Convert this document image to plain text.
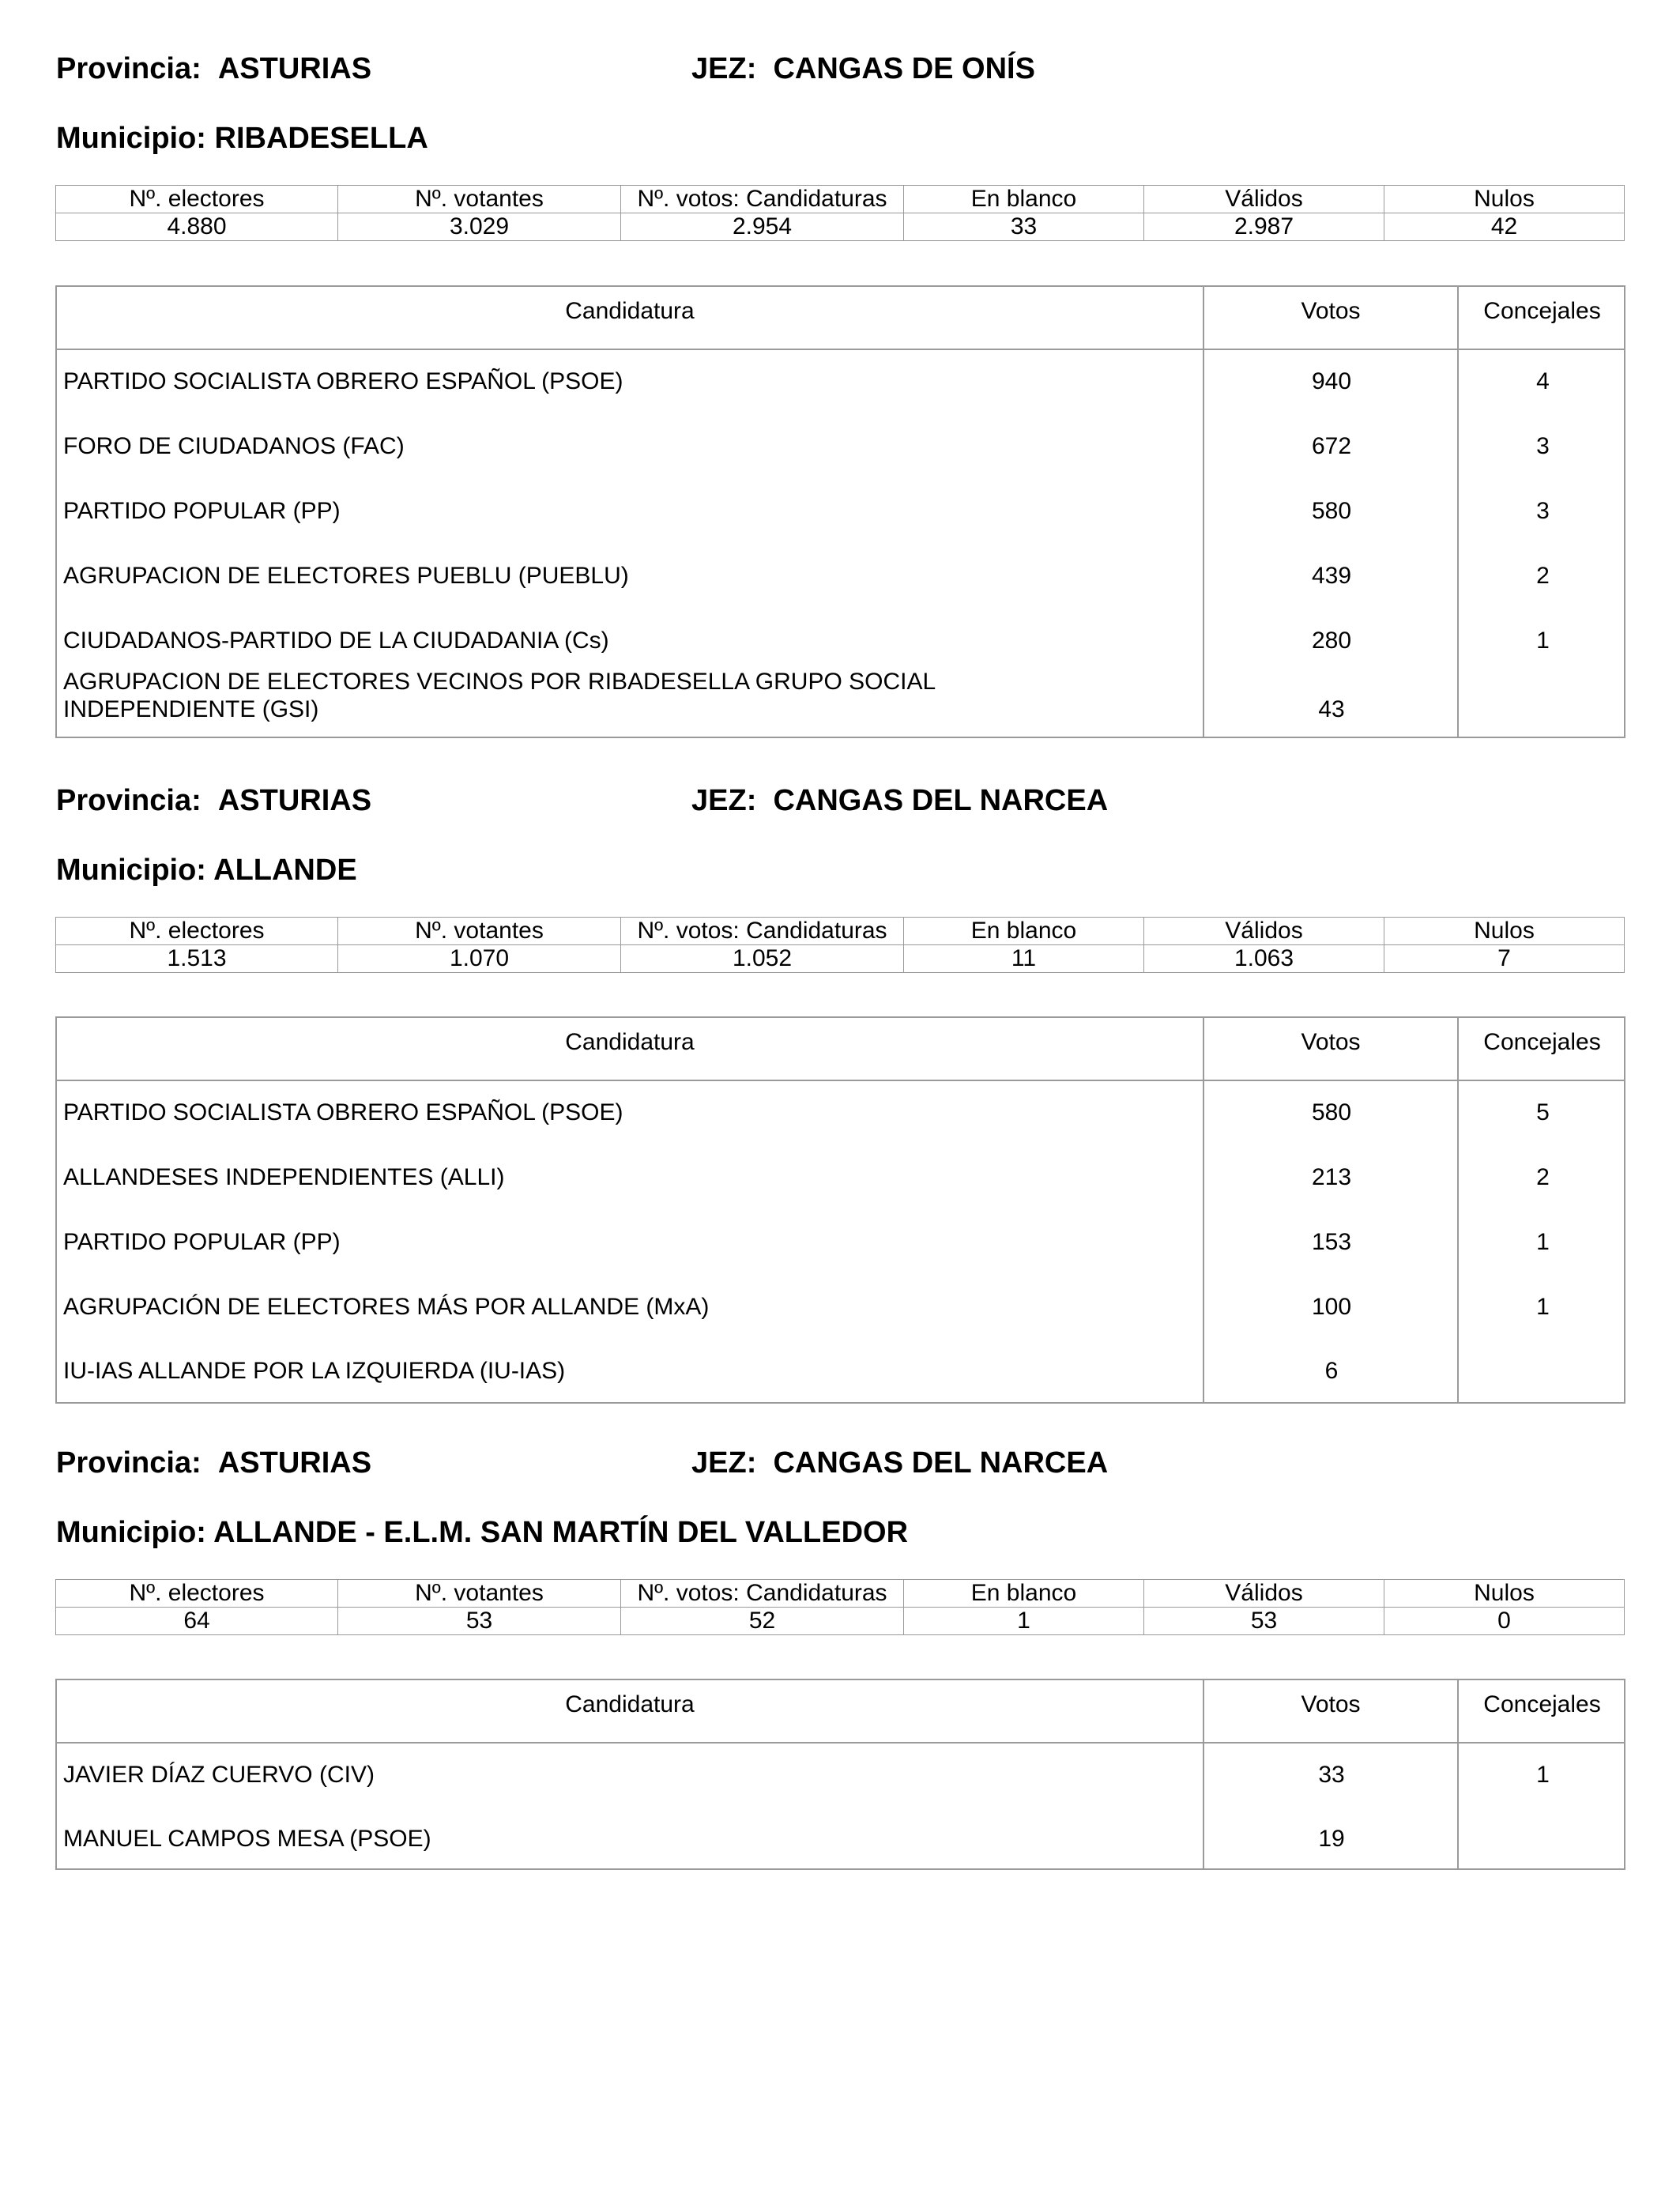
Provincia: ASTURIAS	JEZ: CANGAS DE ONÍS
Municipio: RIBADESELLA
Nº. electores	Nº. votantes	Nº. votos: Candidaturas	En blanco	Válidos	Nulos
4.880	3.029	2.954	33	2.987	42
Candidatura	Votos	Concejales
PARTIDO SOCIALISTA OBRERO ESPAÑOL (PSOE)	940	4
FORO DE CIUDADANOS (FAC)	672	3
PARTIDO POPULAR (PP)	580	3
AGRUPACION DE ELECTORES PUEBLU (PUEBLU)	439	2
CIUDADANOS-PARTIDO DE LA CIUDADANIA (Cs)	280	1
AGRUPACION DE ELECTORES VECINOS POR RIBADESELLA GRUPO SOCIAL
INDEPENDIENTE (GSI)	43
Provincia: ASTURIAS	JEZ: CANGAS DEL NARCEA
Municipio: ALLANDE
Nº. electores	Nº. votantes	Nº. votos: Candidaturas	En blanco	Válidos	Nulos
1.513	1.070	1.052	11	1.063	7
Candidatura	Votos	Concejales
PARTIDO SOCIALISTA OBRERO ESPAÑOL (PSOE)	580	5
ALLANDESES INDEPENDIENTES (ALLI)	213	2
PARTIDO POPULAR (PP)	153	1
AGRUPACIÓN DE ELECTORES MÁS POR ALLANDE (MxA)	100	1
IU-IAS ALLANDE POR LA IZQUIERDA (IU-IAS)	6
Provincia: ASTURIAS	JEZ: CANGAS DEL NARCEA
Municipio: ALLANDE - E.L.M. SAN MARTÍN DEL VALLEDOR
Nº. electores	Nº. votantes	Nº. votos: Candidaturas	En blanco	Válidos	Nulos
64	53	52	1	53	0
Candidatura	Votos	Concejales
JAVIER DÍAZ CUERVO (CIV)	33	1
MANUEL CAMPOS MESA (PSOE)	19
